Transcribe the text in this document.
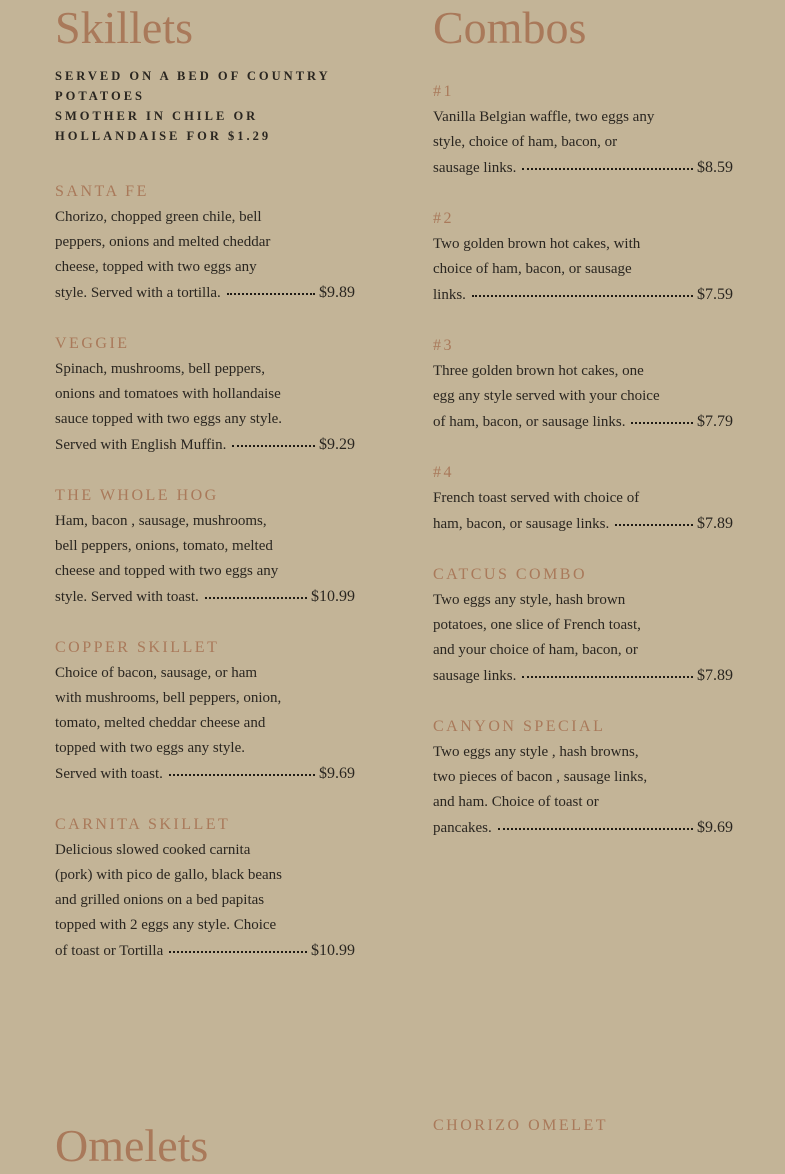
Skillets
SERVED ON A BED OF COUNTRY
POTATOES
SMOTHER IN CHILE OR
HOLLANDAISE FOR $1.29
SANTA FE
Chorizo, chopped green chile, bell
peppers, onions and melted cheddar
cheese, topped with two eggs any
style. Served with a tortilla.	$9.89
VEGGIE
Spinach, mushrooms, bell peppers,
onions and tomatoes with hollandaise
sauce topped with two eggs any style.
Served with English Muffin.	$9.29
THE WHOLE HOG
Ham, bacon , sausage, mushrooms,
bell peppers, onions, tomato, melted
cheese and topped with two eggs any
style. Served with toast.	$10.99
COPPER SKILLET
Choice of bacon, sausage, or ham
with mushrooms, bell peppers, onion,
tomato, melted cheddar cheese and
topped with two eggs any style.
Served with toast.	$9.69
CARNITA SKILLET
Delicious slowed cooked carnita
(pork) with pico de gallo, black beans
and grilled onions on a bed papitas
topped with 2 eggs any style. Choice
of toast or Tortilla	$10.99
Combos
#1
Vanilla Belgian waffle, two eggs any
style, choice of ham, bacon, or
sausage links.	$8.59
#2
Two golden brown hot cakes, with
choice of ham, bacon, or sausage
links.	$7.59
#3
Three golden brown hot cakes, one
egg any style served with your choice
of ham, bacon, or sausage links.	$7.79
#4
French toast served with choice of
ham, bacon, or sausage links.	$7.89
CATCUS COMBO
Two eggs any style, hash brown
potatoes, one slice of French toast,
and your choice of ham, bacon, or
sausage links.	$7.89
CANYON SPECIAL
Two eggs any style , hash browns,
two pieces of bacon , sausage links,
and ham. Choice of toast or
pancakes.	$9.69
Omelets	CHORIZO OMELET
